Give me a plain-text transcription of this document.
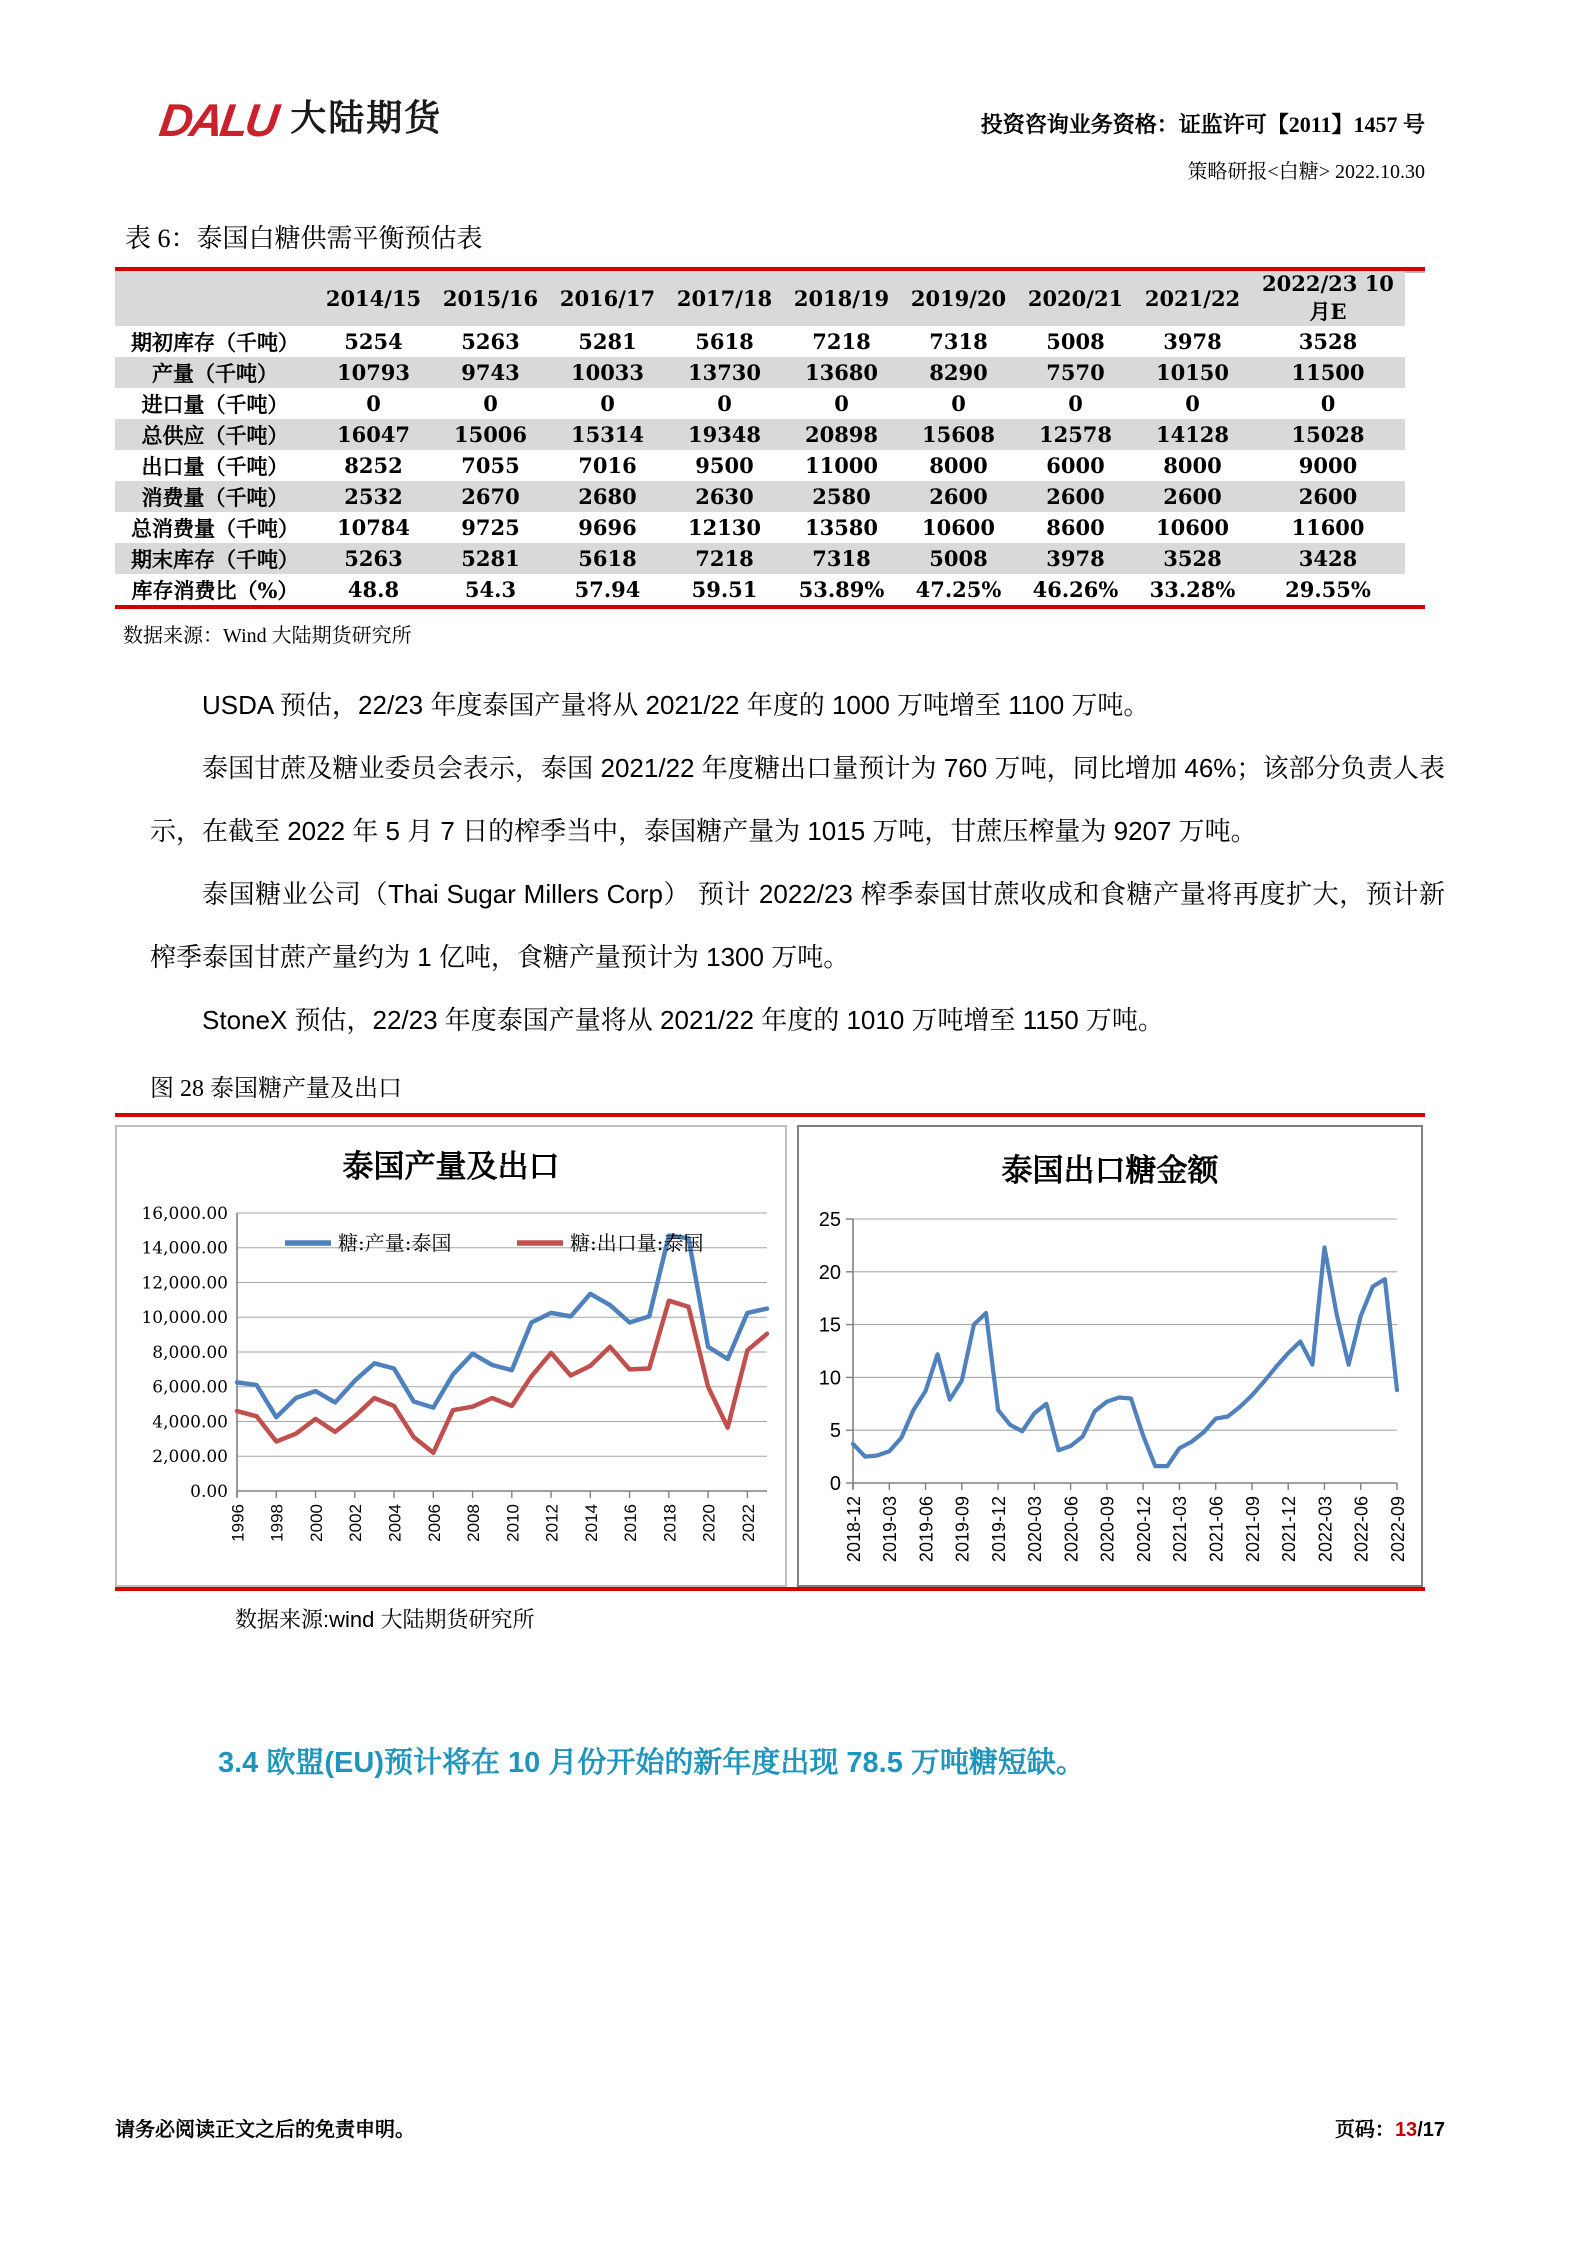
DALU 大陆期货	投资咨询业务资格：证监许可【2011】1457 号
策略研报<白糖> 2022.10.30
表 6：泰国白糖供需平衡预估表
	2014/15	2015/16	2016/17	2017/18	2018/19	2019/20	2020/21	2021/22	2022/23 10月E
期初库存（千吨）	5254	5263	5281	5618	7218	7318	5008	3978	3528
产量（千吨）	10793	9743	10033	13730	13680	8290	7570	10150	11500
进口量（千吨）	0	0	0	0	0	0	0	0	0
总供应（千吨）	16047	15006	15314	19348	20898	15608	12578	14128	15028
出口量（千吨）	8252	7055	7016	9500	11000	8000	6000	8000	9000
消费量（千吨）	2532	2670	2680	2630	2580	2600	2600	2600	2600
总消费量（千吨）	10784	9725	9696	12130	13580	10600	8600	10600	11600
期末库存（千吨）	5263	5281	5618	7218	7318	5008	3978	3528	3428
库存消费比（%）	48.8	54.3	57.94	59.51	53.89%	47.25%	46.26%	33.28%	29.55%
数据来源：Wind 大陆期货研究所

USDA 预估，22/23 年度泰国产量将从 2021/22 年度的 1000 万吨增至 1100 万吨。

泰国甘蔗及糖业委员会表示，泰国 2021/22 年度糖出口量预计为 760 万吨，同比增加 46%；该部分负责人表示，在截至 2022 年 5 月 7 日的榨季当中，泰国糖产量为 1015 万吨，甘蔗压榨量为 9207 万吨。

泰国糖业公司（Thai Sugar Millers Corp） 预计 2022/23 榨季泰国甘蔗收成和食糖产量将再度扩大，预计新榨季泰国甘蔗产量约为 1 亿吨，食糖产量预计为 1300 万吨。

StoneX 预估，22/23 年度泰国产量将从 2021/22 年度的 1010 万吨增至 1150 万吨。

图 28 泰国糖产量及出口
16,000.00
14,000.00
12,000.00
10,000.00
8,000.00
6,000.00
4,000.00
2,000.00
0.00
1996 1998 2000 2002 2004 2006 2008 2010 2012 2014 2016 2018 2020 2022
泰国产量及出口
糖:产量:泰国	糖:出口量:泰国
25
20
15
10
5
0
2018-12 2019-03 2019-06 2019-09 2019-12 2020-03 2020-06 2020-09 2020-12 2021-03 2021-06 2021-09 2021-12 2022-03 2022-06 2022-09
泰国出口糖金额
数据来源:wind 大陆期货研究所
3.4 欧盟(EU)预计将在 10 月份开始的新年度出现 78.5 万吨糖短缺。
请务必阅读正文之后的免责申明。	页码：13/17
